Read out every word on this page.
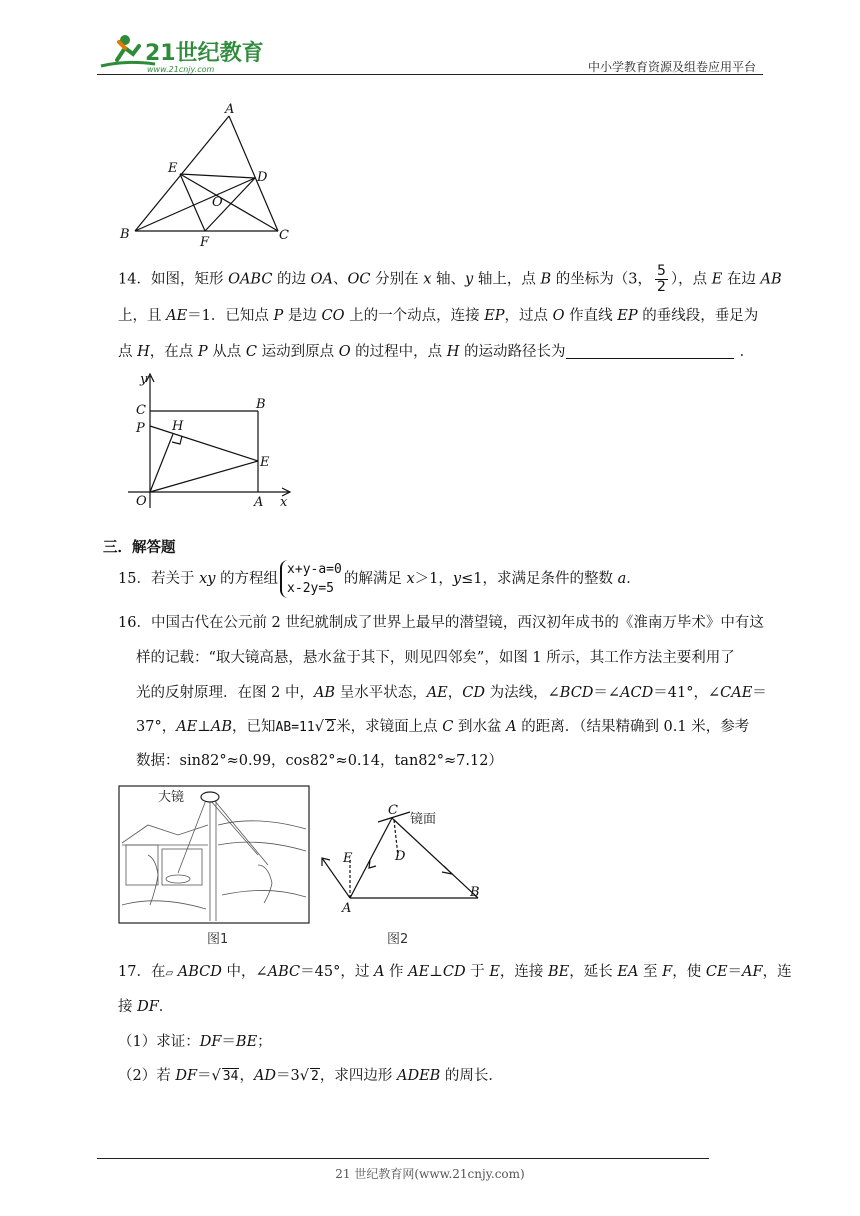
21世纪教育
www.21cnjy.com	中小学教育资源及组卷应用平台
A
E
D
O
B
F	C
14．如图，矩形 OABC 的边 OA、OC 分别在 x 轴、y 轴上，点 B 的坐标为（3， $\frac{5}{2}$ ），点 E 在边 AB
上，且 AE＝1．已知点 P 是边 CO 上的一个动点，连接 EP，过点 O 作直线 EP 的垂线段，垂足为
点 H，在点 P 从点 C 运动到原点 O 的过程中，点 H 的运动路径长为	．
y
C	B
P H
E
O	A x
三．解答题
15．若关于 xy 的方程组
x+y-a=0
x-2y=5
的解满足 x＞1，y≤1，求满足条件的整数 a．
16．中国古代在公元前 2 世纪就制成了世界上最早的潜望镜，西汉初年成书的《淮南万毕术》中有这
样的记载：“取大镜高悬，悬水盆于其下，则见四邻矣”，如图 1 所示，其工作方法主要利用了
光的反射原理．在图 2 中，AB 呈水平状态，AE，CD 为法线，∠BCD＝∠ACD＝41°，∠CAE＝
37°，AE⊥AB，已知AB=11√ 2米，求镜面上点 C 到水盆 A 的距离．（结果精确到 0.1 米，参考
数据：sin82°≈0.99，cos82°≈0.14，tan82°≈7.12）
大镜
图1
C
D
E
A
B
镜面
图2
17．在▱ ABCD 中，∠ABC＝45°，过 A 作 AE⊥CD 于 E，连接 BE，延长 EA 至 F，使 CE＝AF，连
接 DF．
（1）求证：DF＝BE；
（2）若 DF＝√ 34，AD＝3√ 2，求四边形 ADEB 的周长．
21 世纪教育网(www.21cnjy.com)
